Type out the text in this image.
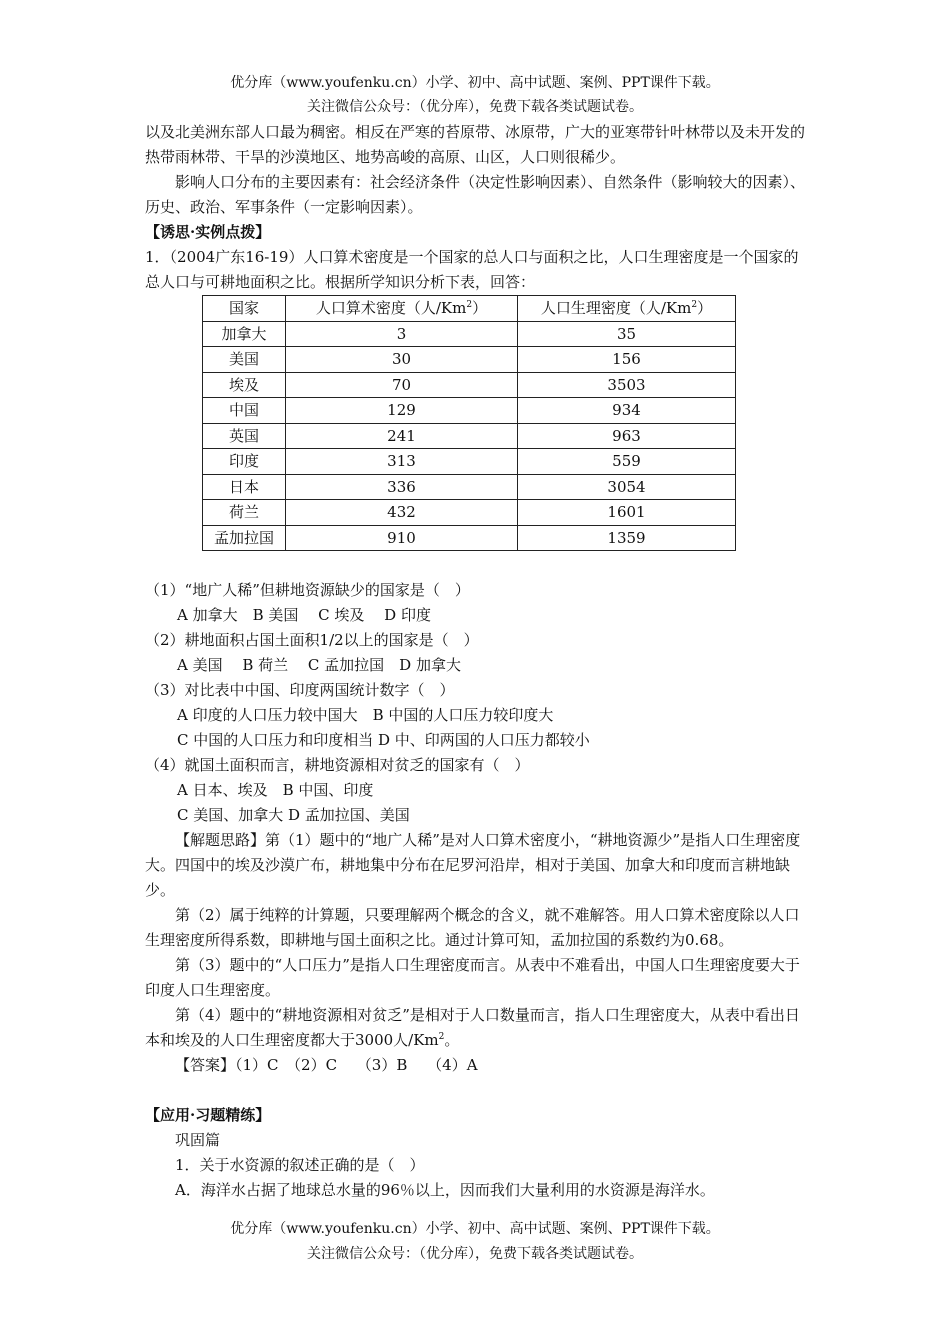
优分库（www.youfenku.cn）小学、初中、高中试题、案例、PPT课件下载。
关注微信公众号：（优分库），免费下载各类试题试卷。

以及北美洲东部人口最为稠密。相反在严寒的苔原带、冰原带，广大的亚寒带针叶林带以及未开发的热带雨林带、干旱的沙漠地区、地势高峻的高原、山区，人口则很稀少。

影响人口分布的主要因素有：社会经济条件（决定性影响因素）、自然条件（影响较大的因素）、历史、政治、军事条件（一定影响因素）。

【诱思·实例点拨】

1．（2004广东16-19）人口算术密度是一个国家的总人口与面积之比，人口生理密度是一个国家的总人口与可耕地面积之比。根据所学知识分析下表，回答：

国家	人口算术密度（人/Km$^2$）	人口生理密度（人/Km$^2$）
加拿大	3	35
美国	30	156
埃及	70	3503
中国	129	934
英国	241	963
印度	313	559
日本	336	3054
荷兰	432	1601
孟加拉国	910	1359

（1）“地广人稀”但耕地资源缺少的国家是（　）

A 加拿大　B 美国　 C 埃及　 D 印度

（2）耕地面积占国土面积1/2以上的国家是（　）

A 美国　 B 荷兰　 C 孟加拉国　D 加拿大

（3）对比表中中国、印度两国统计数字（　）

A 印度的人口压力较中国大　B 中国的人口压力较印度大

C 中国的人口压力和印度相当 D 中、印两国的人口压力都较小

（4）就国土面积而言，耕地资源相对贫乏的国家有（　）

A 日本、埃及　B 中国、印度

C 美国、加拿大 D 孟加拉国、美国

【解题思路】第（1）题中的“地广人稀”是对人口算术密度小，“耕地资源少”是指人口生理密度大。四国中的埃及沙漠广布，耕地集中分布在尼罗河沿岸，相对于美国、加拿大和印度而言耕地缺少。

第（2）属于纯粹的计算题，只要理解两个概念的含义，就不难解答。用人口算术密度除以人口生理密度所得系数，即耕地与国土面积之比。通过计算可知，孟加拉国的系数约为0.68。

第（3）题中的“人口压力”是指人口生理密度而言。从表中不难看出，中国人口生理密度要大于印度人口生理密度。

第（4）题中的“耕地资源相对贫乏”是相对于人口数量而言，指人口生理密度大，从表中看出日本和埃及的人口生理密度都大于3000人/Km$^2$。

【答案】（1）C　（2）C　 （3）B　 （4）A

【应用·习题精练】

巩固篇

1．关于水资源的叙述正确的是（　）

A．海洋水占据了地球总水量的96％以上，因而我们大量利用的水资源是海洋水。

优分库（www.youfenku.cn）小学、初中、高中试题、案例、PPT课件下载。
关注微信公众号：（优分库），免费下载各类试题试卷。
